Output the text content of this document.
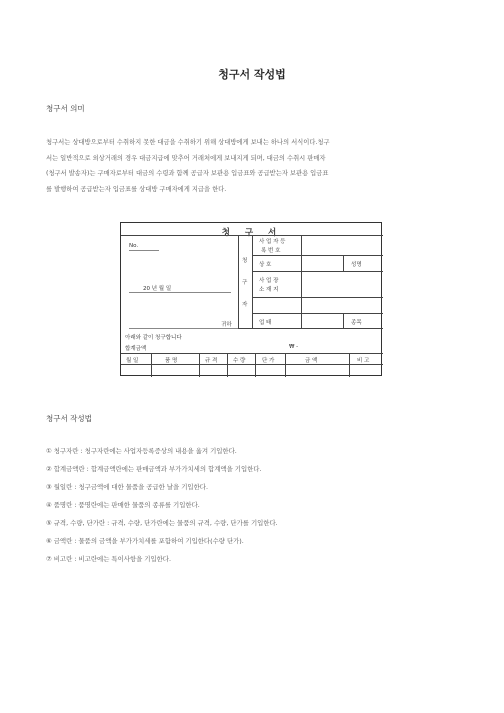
청구서 작성법
청구서 의미
청구서는 상대방으로부터 수취하지 못한 대금을 수취하기 위해 상대방에게 보내는 하나의 서식이다.청구
서는 일반적으로 외상거래의 경우 대금지급에 맞추어 거래처에게 보내지게 되며, 대금의 수취시 판매자
(청구서 발송자)는 구매자로부터 대금의 수령과 함께 공급자 보관용 입금표와 공급받는자 보관용 입금표
를 발행하여 공급받는자 입금표를 상대방 구매자에게 지급을 한다.
청 구 서
No.
20 년 월 일
귀하
청
구
자
사 업 자 등
록 번 호
상 호	성명
사 업 장
소 재 지
업 태	종목
아래와 같이 청구합니다
합계금액	₩ -
월 일	품 명	규 격	수 량	단 가	금 액	비 고
청구서 작성법
① 청구자란 : 청구자란에는 사업자등록증상의 내용을 옮겨 기입한다.
② 합계금액란 : 합계금액란에는 판매금액과 부가가치세의 합계액을 기입한다.
③ 월일란 : 청구금액에 대한 물품을 공급한 날을 기입한다.
④ 품명란 : 품명란에는 판매한 물품의 종류를 기입한다.
⑤ 규격, 수량, 단가란 : 규격, 수량, 단가란에는 물품의 규격, 수량, 단가를 기입한다.
⑥ 금액란 : 물품의 금액을 부가가치세를 포함하여 기입한다(수량 단가).
⑦ 비고란 : 비고란에는 특이사항을 기입한다.
